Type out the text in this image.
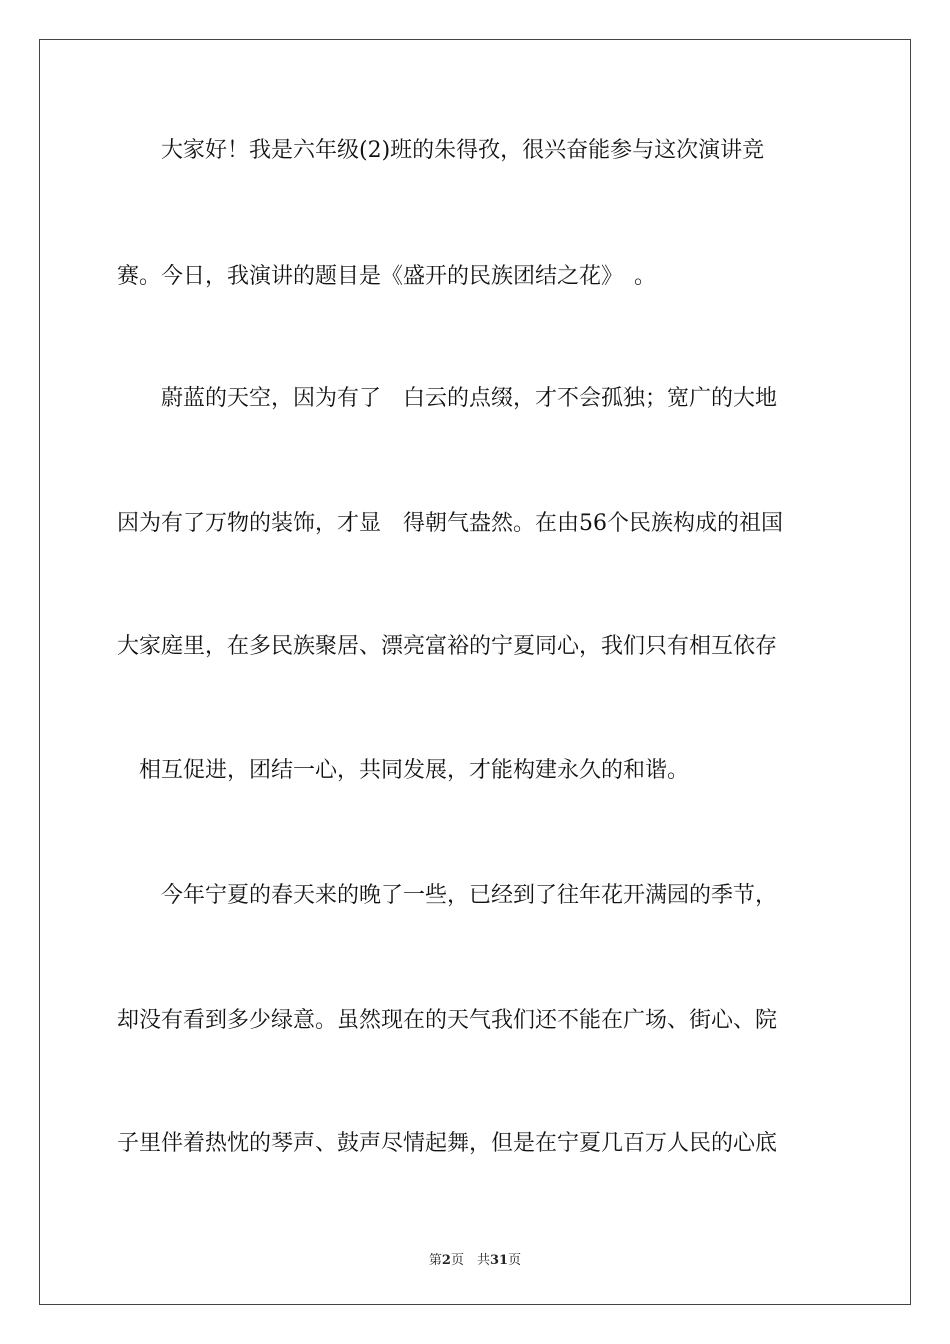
　　大家好！我是六年级(2)班的朱得孜，很兴奋能参与这次演讲竞
赛。今日，我演讲的题目是《盛开的民族团结之花》　。
　　蔚蓝的天空，因为有了　白云的点缀，才不会孤独；宽广的大地
因为有了万物的装饰，才显　得朝气盎然。在由56个民族构成的祖国
大家庭里，在多民族聚居、漂亮富裕的宁夏同心，我们只有相互依存
　相互促进，团结一心，共同发展，才能构建永久的和谐。
　　今年宁夏的春天来的晚了一些，已经到了往年花开满园的季节，
却没有看到多少绿意。虽然现在的天气我们还不能在广场、街心、院
子里伴着热忱的琴声、鼓声尽情起舞，但是在宁夏几百万人民的心底
第2页　共31页
